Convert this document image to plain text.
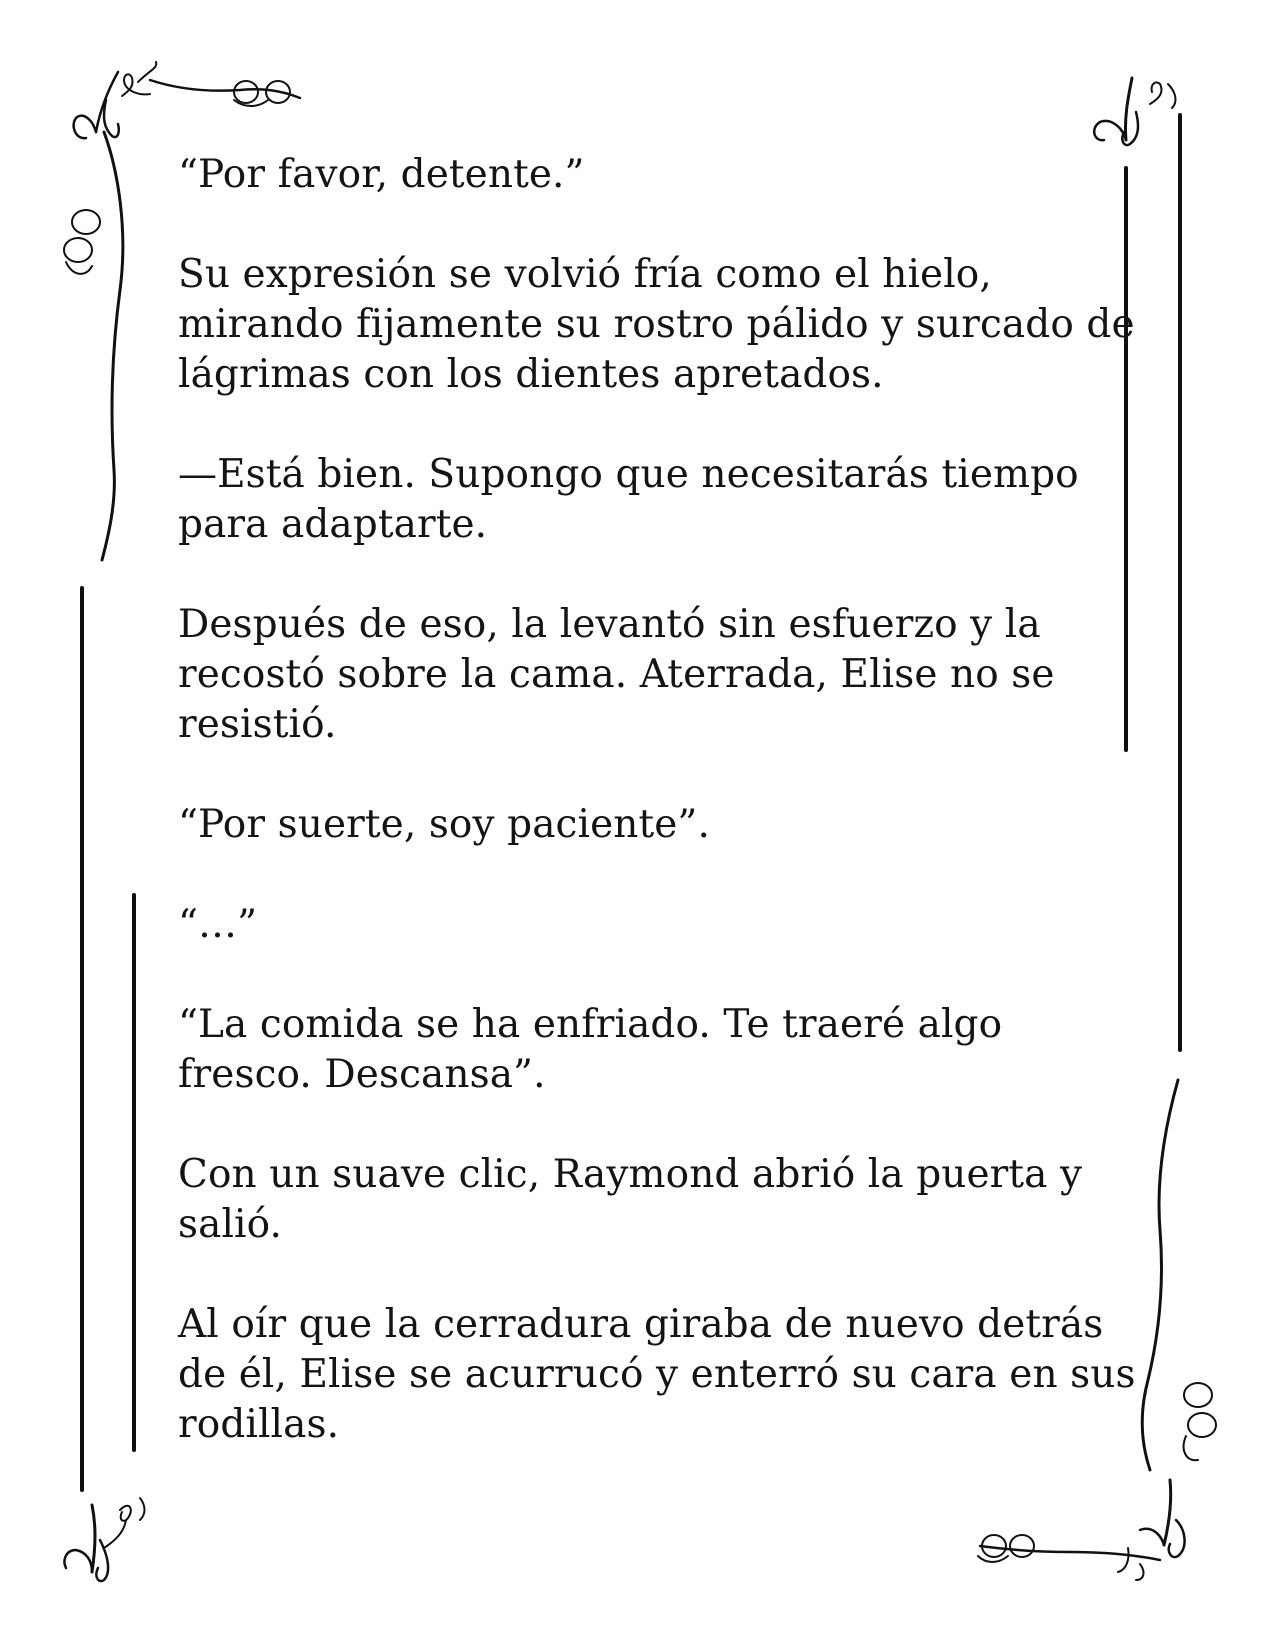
“Por favor, detente.”

Su expresión se volvió fría como el hielo,
mirando fijamente su rostro pálido y surcado de
lágrimas con los dientes apretados.

—Está bien. Supongo que necesitarás tiempo
para adaptarte.

Después de eso, la levantó sin esfuerzo y la
recostó sobre la cama. Aterrada, Elise no se
resistió.

“Por suerte, soy paciente”.

“…”

“La comida se ha enfriado. Te traeré algo
fresco. Descansa”.

Con un suave clic, Raymond abrió la puerta y
salió.

Al oír que la cerradura giraba de nuevo detrás
de él, Elise se acurrucó y enterró su cara en sus
rodillas.
